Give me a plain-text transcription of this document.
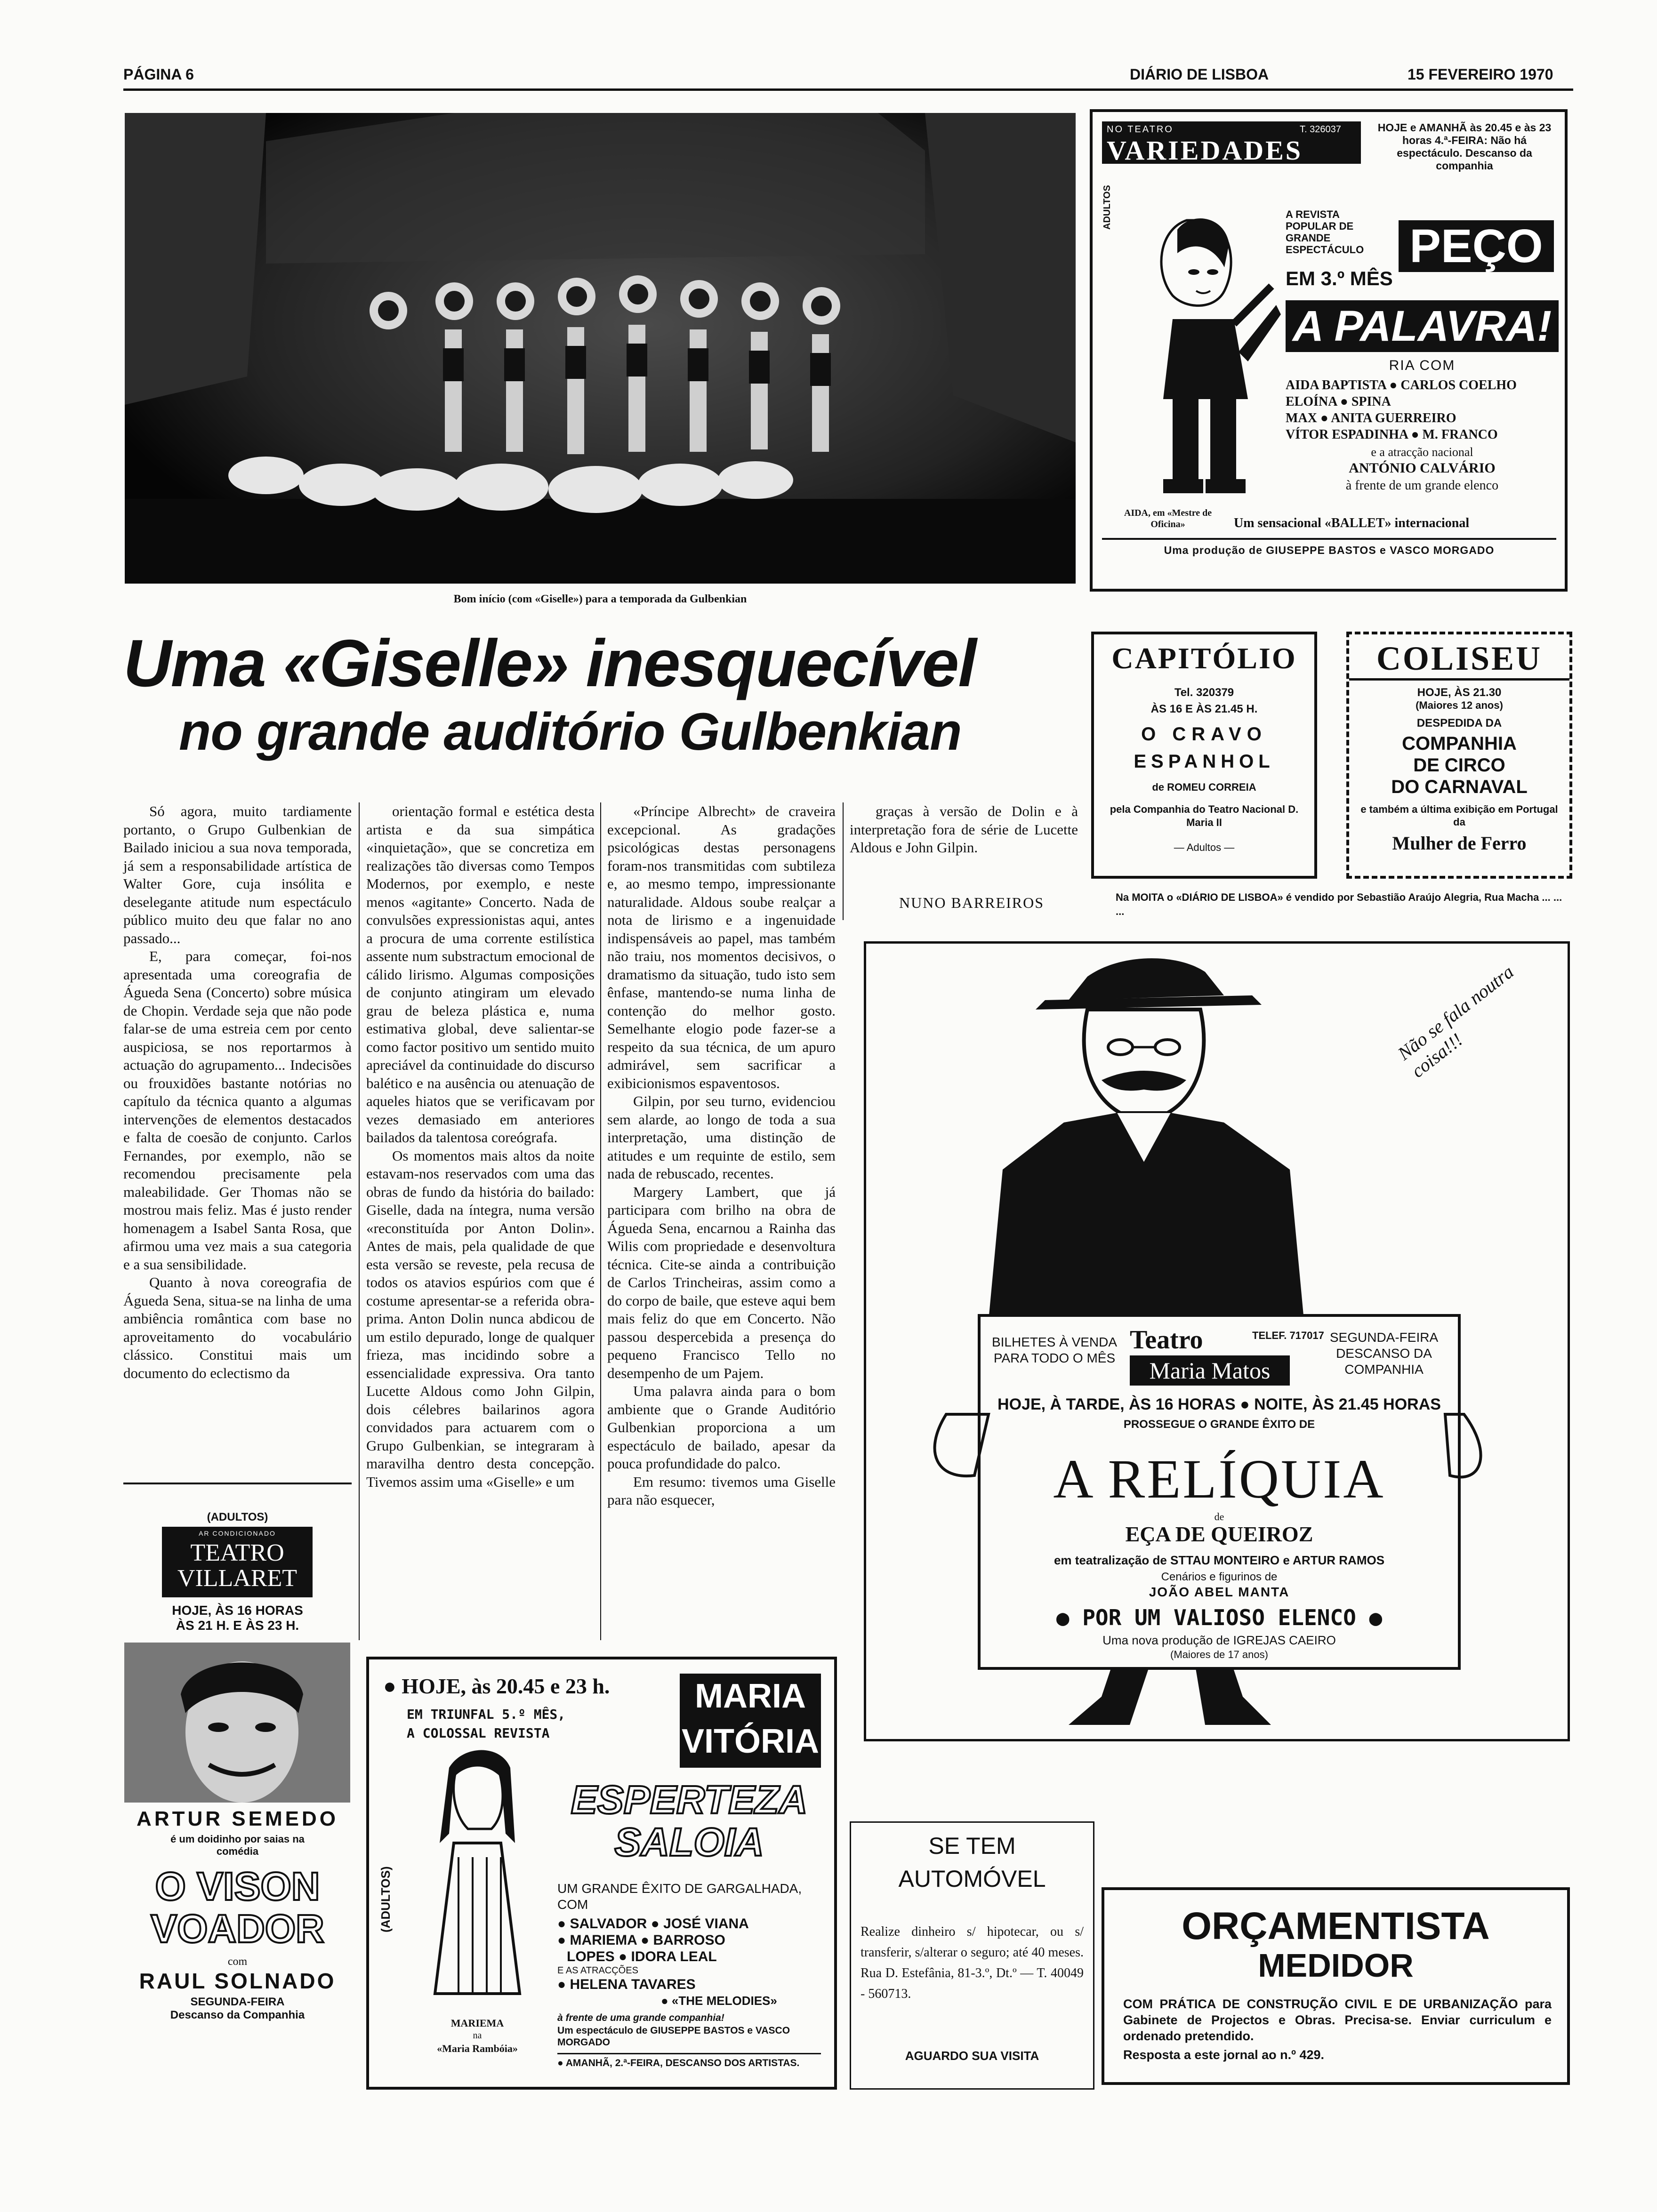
PÁGINA 6	DIÁRIO DE LISBOA	15 FEVEREIRO 1970
Bom início (com «Giselle») para a temporada da Gulbenkian
Uma «Giselle» inesquecível
no grande auditório Gulbenkian

Só agora, muito tardiamente portanto, o Grupo Gulbenkian de Bailado iniciou a sua nova temporada, já sem a responsabilidade artística de Walter Gore, cuja insólita e deselegante atitude num espectáculo público muito deu que falar no ano passado...

E, para começar, foi-nos apresentada uma coreografia de Águeda Sena (Concerto) sobre música de Chopin. Verdade seja que não pode falar-se de uma estreia cem por cento auspiciosa, se nos reportarmos à actuação do agrupamento... Indecisões ou frouxidões bastante notórias no capítulo da técnica quanto a algumas intervenções de elementos destacados e falta de coesão de conjunto. Carlos Fernandes, por exemplo, não se recomendou precisamente pela maleabilidade. Ger Thomas não se mostrou mais feliz. Mas é justo render homenagem a Isabel Santa Rosa, que afirmou uma vez mais a sua categoria e a sua sensibilidade.

Quanto à nova coreografia de Águeda Sena, situa-se na linha de uma ambiência romântica com base no aproveitamento do vocabulário clássico. Constitui mais um documento do eclectismo da

orientação formal e estética desta artista e da sua simpática «inquietação», que se concretiza em realizações tão diversas como Tempos Modernos, por exemplo, e neste menos «agitante» Concerto. Nada de convulsões expressionistas aqui, antes a procura de uma corrente estilística assente num substractum emocional de cálido lirismo. Algumas composições de conjunto atingiram um elevado grau de beleza plástica e, numa estimativa global, deve salientar-se como factor positivo um sentido muito apreciável da continuidade do discurso balético e na ausência ou atenuação de aqueles hiatos que se verificavam por vezes demasiado em anteriores bailados da talentosa coreógrafa.

Os momentos mais altos da noite estavam-nos reservados com uma das obras de fundo da história do bailado: Giselle, dada na íntegra, numa versão «reconstituída por Anton Dolin». Antes de mais, pela qualidade de que esta versão se reveste, pela recusa de todos os atavios espúrios com que é costume apresentar-se a referida obra-prima. Anton Dolin nunca abdicou de um estilo depurado, longe de qualquer frieza, mas incidindo sobre a essencialidade expressiva. Ora tanto Lucette Aldous como John Gilpin, dois célebres bailarinos agora convidados para actuarem com o Grupo Gulbenkian, se integraram à maravilha dentro desta concepção. Tivemos assim uma «Giselle» e um

«Príncipe Albrecht» de craveira excepcional. As gradações psicológicas destas personagens foram-nos transmitidas com subtileza e, ao mesmo tempo, impressionante naturalidade. Aldous soube realçar a nota de lirismo e a ingenuidade indispensáveis ao papel, mas também não traiu, nos momentos decisivos, o dramatismo da situação, tudo isto sem ênfase, mantendo-se numa linha de contenção do melhor gosto. Semelhante elogio pode fazer-se a respeito da sua técnica, de um apuro admirável, sem sacrificar a exibicionismos espaventosos.

Gilpin, por seu turno, evidenciou sem alarde, ao longo de toda a sua interpretação, uma distinção de atitudes e um requinte de estilo, sem nada de rebuscado, recentes.

Margery Lambert, que já participara com brilho na obra de Águeda Sena, encarnou a Rainha das Wilis com propriedade e desenvoltura técnica. Cite-se ainda a contribuição de Carlos Trincheiras, assim como a do corpo de baile, que esteve aqui bem mais feliz do que em Concerto. Não passou despercebida a presença do pequeno Francisco Tello no desempenho de um Pajem.

Uma palavra ainda para o bom ambiente que o Grande Auditório Gulbenkian proporciona a um espectáculo de bailado, apesar da pouca profundidade do palco.

Em resumo: tivemos uma Giselle para não esquecer,

graças à versão de Dolin e à interpretação fora de série de Lucette Aldous e John Gilpin.

NUNO BARREIROS
NO TEATRO	T. 326037
VARIEDADES
HOJE e AMANHÃ às 20.45 e às 23 horas 4.ª-FEIRA: Não há espectáculo. Descanso da companhia
ADULTOS	A REVISTA POPULAR DE GRANDE ESPECTÁCULO PEÇO
EM 3.º MÊS
A PALAVRA!
RIA COM
AIDA BAPTISTA ● CARLOS COELHO
ELOÍNA ● SPINA
MAX ● ANITA GUERREIRO
VÍTOR ESPADINHA ● M. FRANCO
e a atracção nacional
ANTÓNIO CALVÁRIO
à frente de um grande elenco
AIDA, em «Mestre de Oficina»	Um sensacional «BALLET» internacional
Uma produção de GIUSEPPE BASTOS e VASCO MORGADO
CAPITÓLIO
Tel. 320379
ÀS 16 E ÀS 21.45 H.
O CRAVO
ESPANHOL
de ROMEU CORREIA
pela Companhia do Teatro Nacional D. Maria II
— Adultos —
COLISEU
HOJE, ÀS 21.30
(Maiores 12 anos)
DESPEDIDA DA
COMPANHIA
DE CIRCO
DO CARNAVAL
e também a última exibição em Portugal da
Mulher de Ferro
Na MOITA o «DIÁRIO DE LISBOA» é vendido por Sebastião Araújo Alegria, Rua Macha ... ... ...
Não se fala noutra coisa!!!
BILHETES À VENDA PARA TODO O MÊS
Teatro
Maria Matos
TELEF. 717017 SEGUNDA-FEIRA DESCANSO DA COMPANHIA
HOJE, À TARDE, ÀS 16 HORAS ● NOITE, ÀS 21.45 HORAS
PROSSEGUE O GRANDE ÊXITO DE
A RELÍQUIA
de
EÇA DE QUEIROZ
em teatralização de STTAU MONTEIRO e ARTUR RAMOS
Cenários e figurinos de
JOÃO ABEL MANTA
● POR UM VALIOSO ELENCO ●
Uma nova produção de IGREJAS CAEIRO
(Maiores de 17 anos)
(ADULTOS)
AR CONDICIONADO
TEATRO
VILLARET
HOJE, ÀS 16 HORAS
ÀS 21 H. E ÀS 23 H.
ARTUR SEMEDO
é um doidinho por saias na comédia
O VISON
VOADOR
com
RAUL SOLNADO
SEGUNDA-FEIRA
Descanso da Companhia
● HOJE, às 20.45 e 23 h.
EM TRIUNFAL 5.º MÊS,
A COLOSSAL REVISTA
MARIA
VITÓRIA
ESPERTEZA
SALOIA
(ADULTOS)
MARIEMA
na
«Maria Rambóia»
UM GRANDE ÊXITO DE GARGALHADA, COM
● SALVADOR ● JOSÉ VIANA
● MARIEMA ● BARROSO
LOPES ● IDORA LEAL
E AS ATRACÇÕES
● HELENA TAVARES
● «THE MELODIES»
à frente de uma grande companhia!
Um espectáculo de GIUSEPPE BASTOS e VASCO MORGADO
● AMANHÃ, 2.ª-FEIRA, DESCANSO DOS ARTISTAS.
SE TEM
AUTOMÓVEL
Realize dinheiro s/ hipotecar, ou s/ transferir, s/alterar o seguro; até 40 meses. Rua D. Estefânia, 81-3.º, Dt.º — T. 40049 - 560713.
AGUARDO SUA VISITA
ORÇAMENTISTA
MEDIDOR
COM PRÁTICA DE CONSTRUÇÃO CIVIL E DE URBANIZAÇÃO para Gabinete de Projectos e Obras. Precisa-se. Enviar curriculum e ordenado pretendido.
Resposta a este jornal ao n.º 429.
